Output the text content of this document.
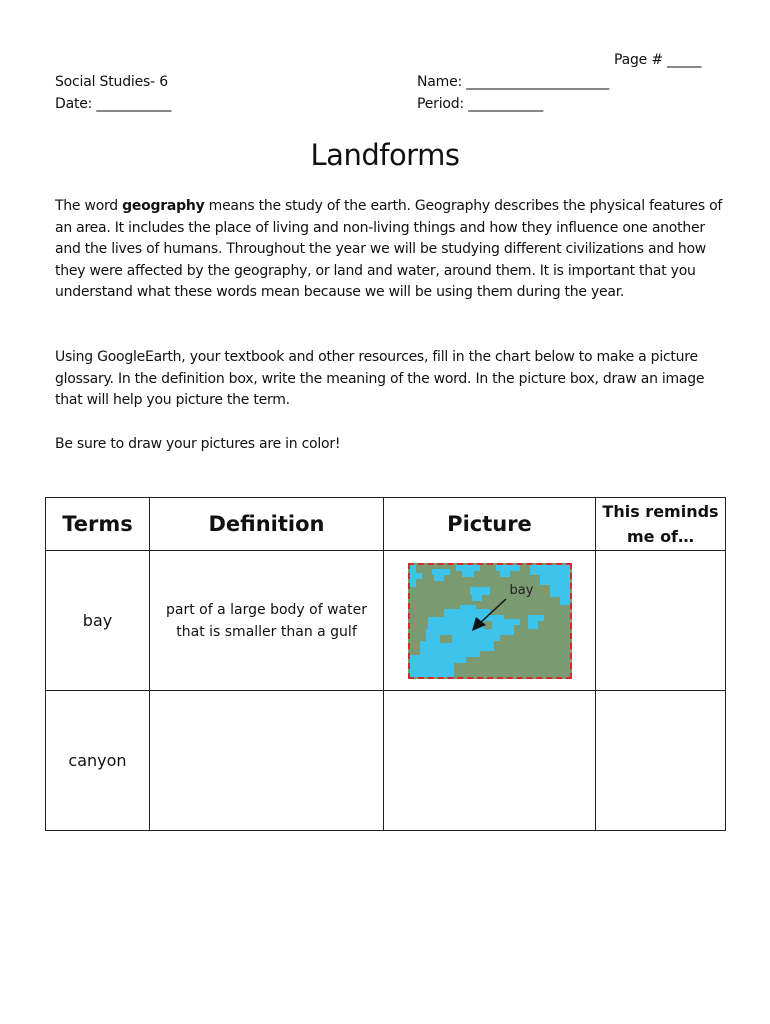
Page # _____
Social Studies- 6
Date: ___________
Name: _____________________
Period: ___________
Landforms

The word geography means the study of the earth. Geography describes the physical features of an area. It includes the place of living and non-living things and how they influence one another and the lives of humans. Throughout the year we will be studying different civilizations and how they were affected by the geography, or land and water, around them. It is important that you understand what these words mean because we will be using them during the year.

Using GoogleEarth, your textbook and other resources, fill in the chart below to make a picture glossary. In the definition box, write the meaning of the word. In the picture box, draw an image that will help you picture the term.

Be sure to draw your pictures are in color!

Terms	Definition	Picture	This reminds me of…
bay	part of a large body of water that is smaller than a gulf	bay	

canyon			
